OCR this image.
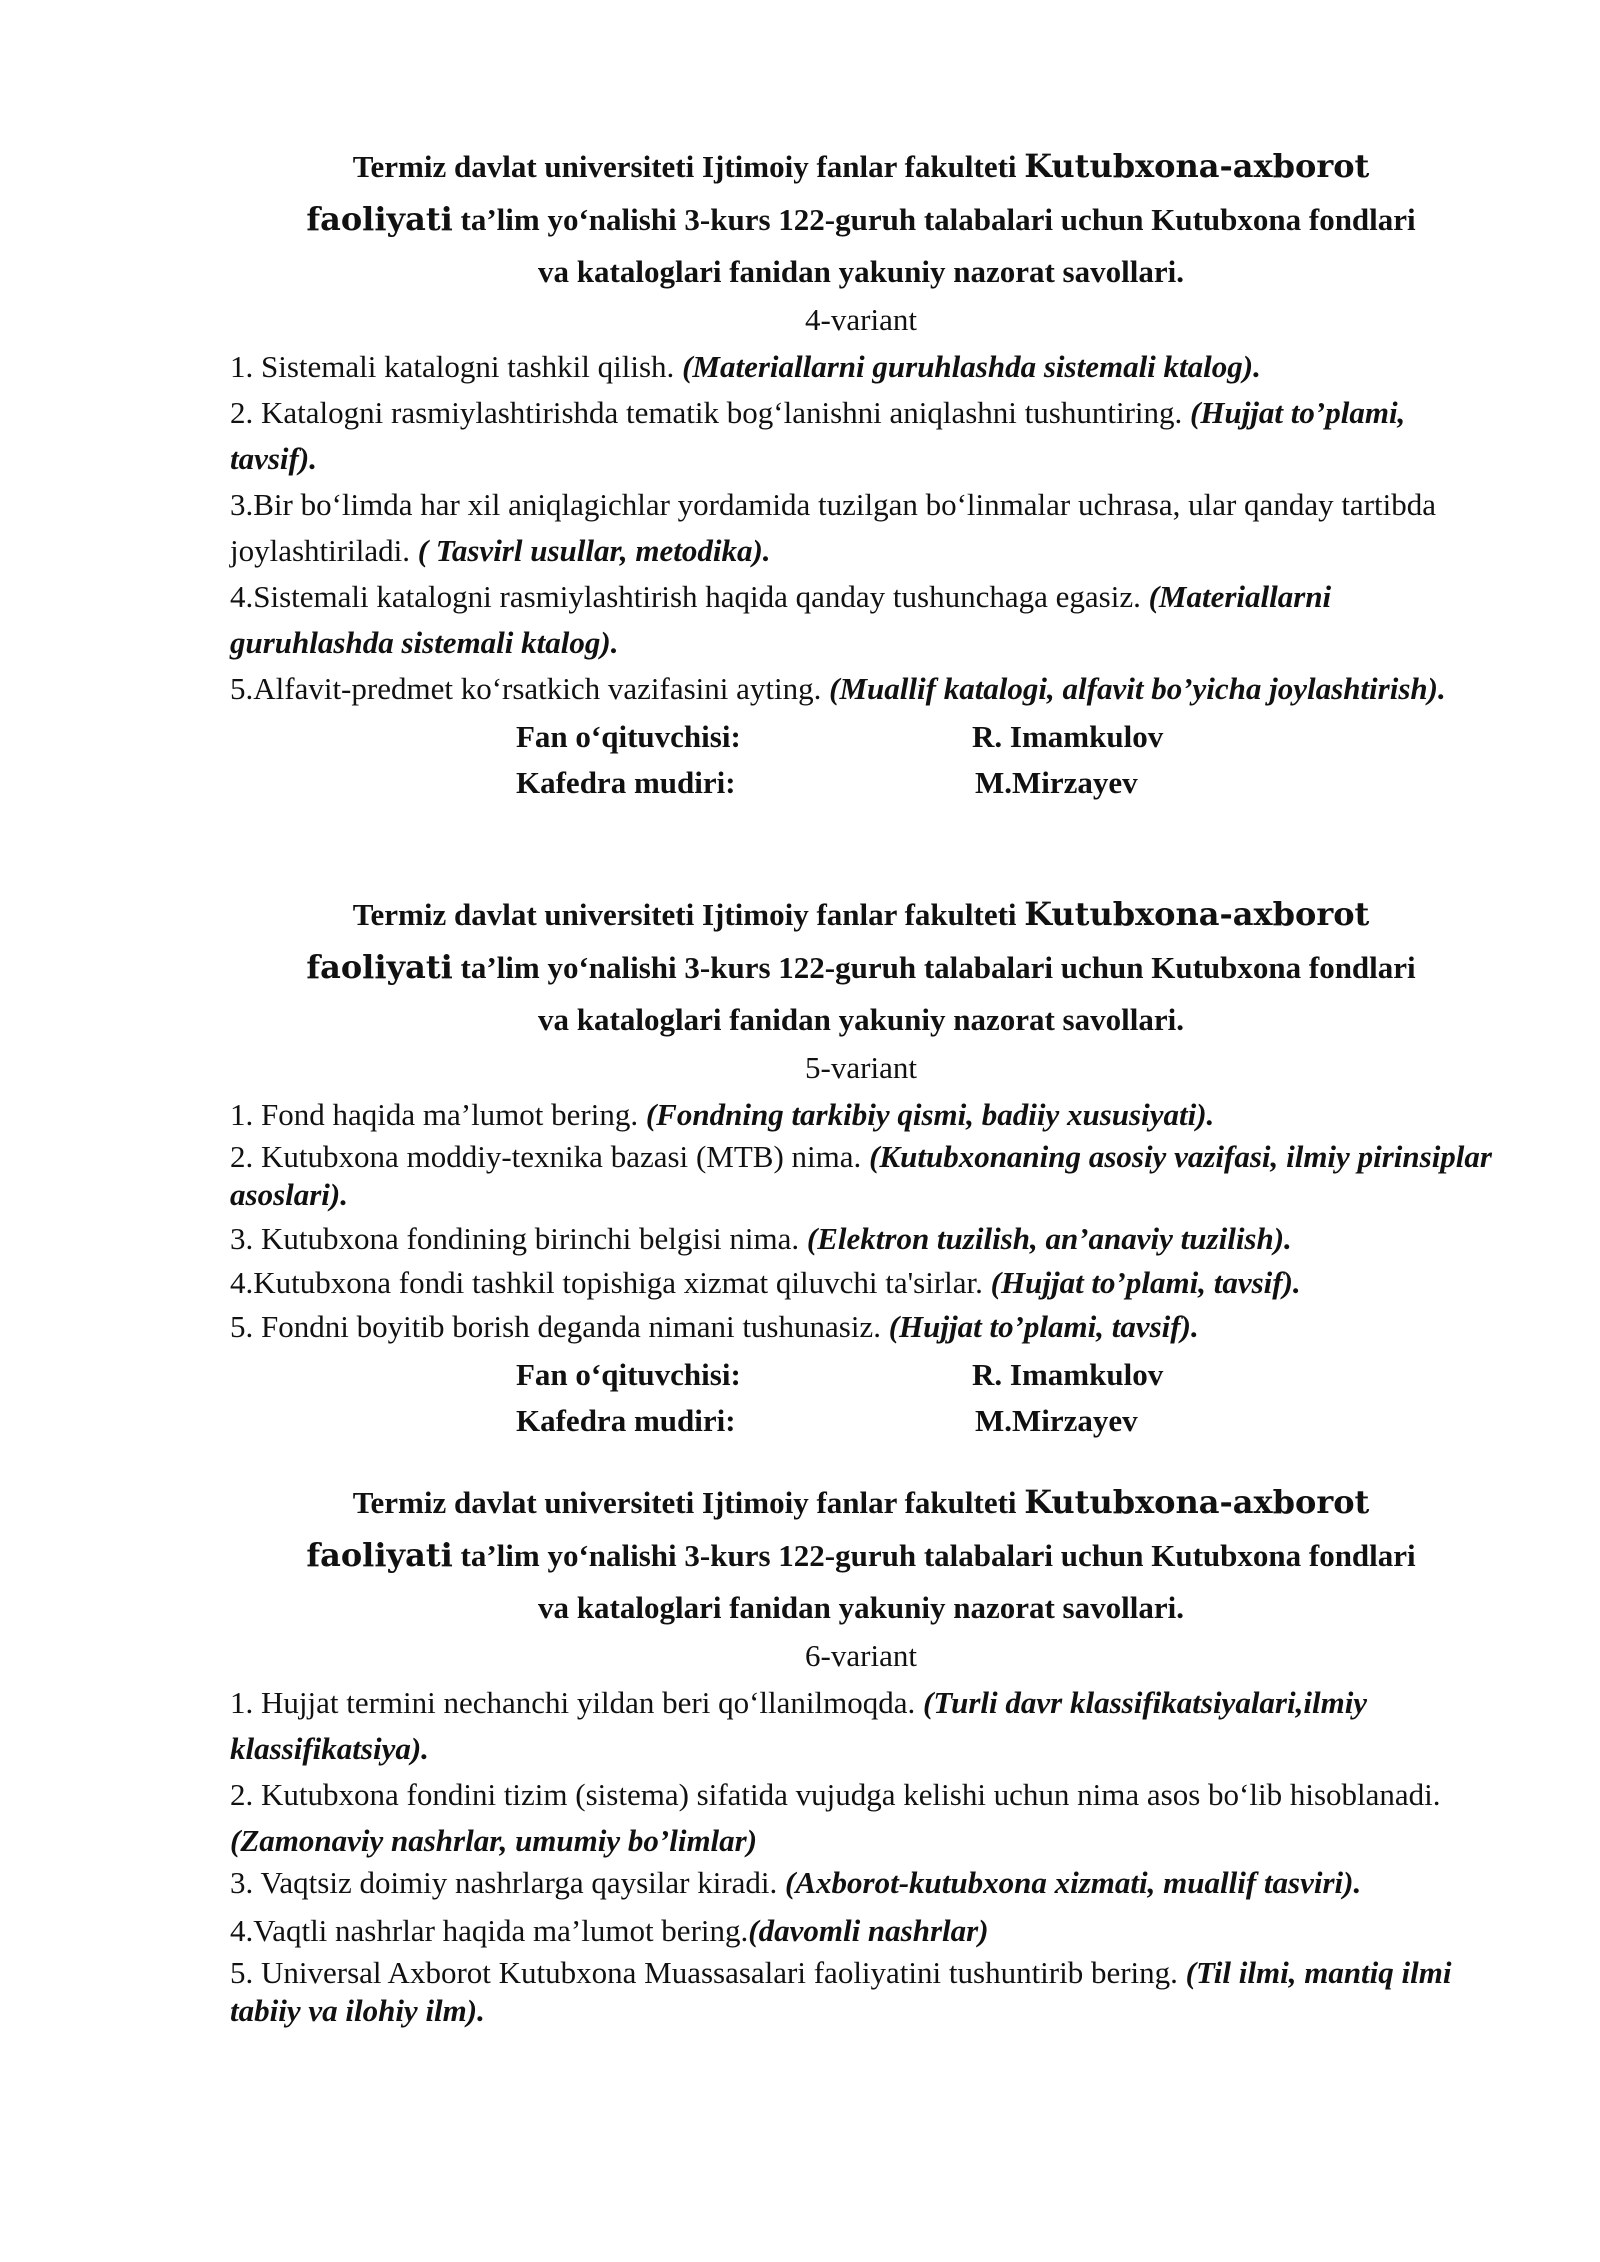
Termiz davlat universiteti Ijtimoiy fanlar fakulteti Kutubxona-axborot
faoliyati ta’lim yo‘nalishi 3-kurs 122-guruh talabalari uchun Kutubxona fondlari
va kataloglari fanidan yakuniy nazorat savollari.

4-variant

1. Sistemali katalogni tashkil qilish. (Materiallarni guruhlashda sistemali ktalog).

2. Katalogni rasmiylashtirishda tematik bog‘lanishni aniqlashni tushuntiring. (Hujjat to’plami, tavsif).

3.Bir bo‘limda har xil aniqlagichlar yordamida tuzilgan bo‘linmalar uchrasa, ular qanday tartibda joylashtiriladi. ( Tasvirl usullar, metodika).

4.Sistemali katalogni rasmiylashtirish haqida qanday tushunchaga egasiz. (Materiallarni guruhlashda sistemali ktalog).

5.Alfavit-predmet ko‘rsatkich vazifasini ayting. (Muallif katalogi, alfavit bo’yicha joylashtirish).

Fan o‘qituvchisi:	R. Imamkulov
Kafedra mudiri:	M.Mirzayev

Termiz davlat universiteti Ijtimoiy fanlar fakulteti Kutubxona-axborot
faoliyati ta’lim yo‘nalishi 3-kurs 122-guruh talabalari uchun Kutubxona fondlari
va kataloglari fanidan yakuniy nazorat savollari.

5-variant

1. Fond haqida ma’lumot bering. (Fondning tarkibiy qismi, badiiy xususiyati).

2. Kutubxona moddiy-texnika bazasi (MTB) nima. (Kutubxonaning asosiy vazifasi, ilmiy pirinsiplar asoslari).

3. Kutubxona fondining birinchi belgisi nima. (Elektron tuzilish, an’anaviy tuzilish).

4.Kutubxona fondi tashkil topishiga xizmat qiluvchi ta'sirlar. (Hujjat to’plami, tavsif).

5. Fondni boyitib borish deganda nimani tushunasiz. (Hujjat to’plami, tavsif).

Fan o‘qituvchisi:	R. Imamkulov
Kafedra mudiri:	M.Mirzayev

Termiz davlat universiteti Ijtimoiy fanlar fakulteti Kutubxona-axborot
faoliyati ta’lim yo‘nalishi 3-kurs 122-guruh talabalari uchun Kutubxona fondlari
va kataloglari fanidan yakuniy nazorat savollari.

6-variant

1. Hujjat termini nechanchi yildan beri qo‘llanilmoqda. (Turli davr klassifikatsiyalari,ilmiy klassifikatsiya).

2. Kutubxona fondini tizim (sistema) sifatida vujudga kelishi uchun nima asos bo‘lib hisoblanadi. (Zamonaviy nashrlar, umumiy bo’limlar)

3. Vaqtsiz doimiy nashrlarga qaysilar kiradi. (Axborot-kutubxona xizmati, muallif tasviri).

4.Vaqtli nashrlar haqida ma’lumot bering.(davomli nashrlar)

5. Universal Axborot Kutubxona Muassasalari faoliyatini tushuntirib bering. (Til ilmi, mantiq ilmi tabiiy va ilohiy ilm).
